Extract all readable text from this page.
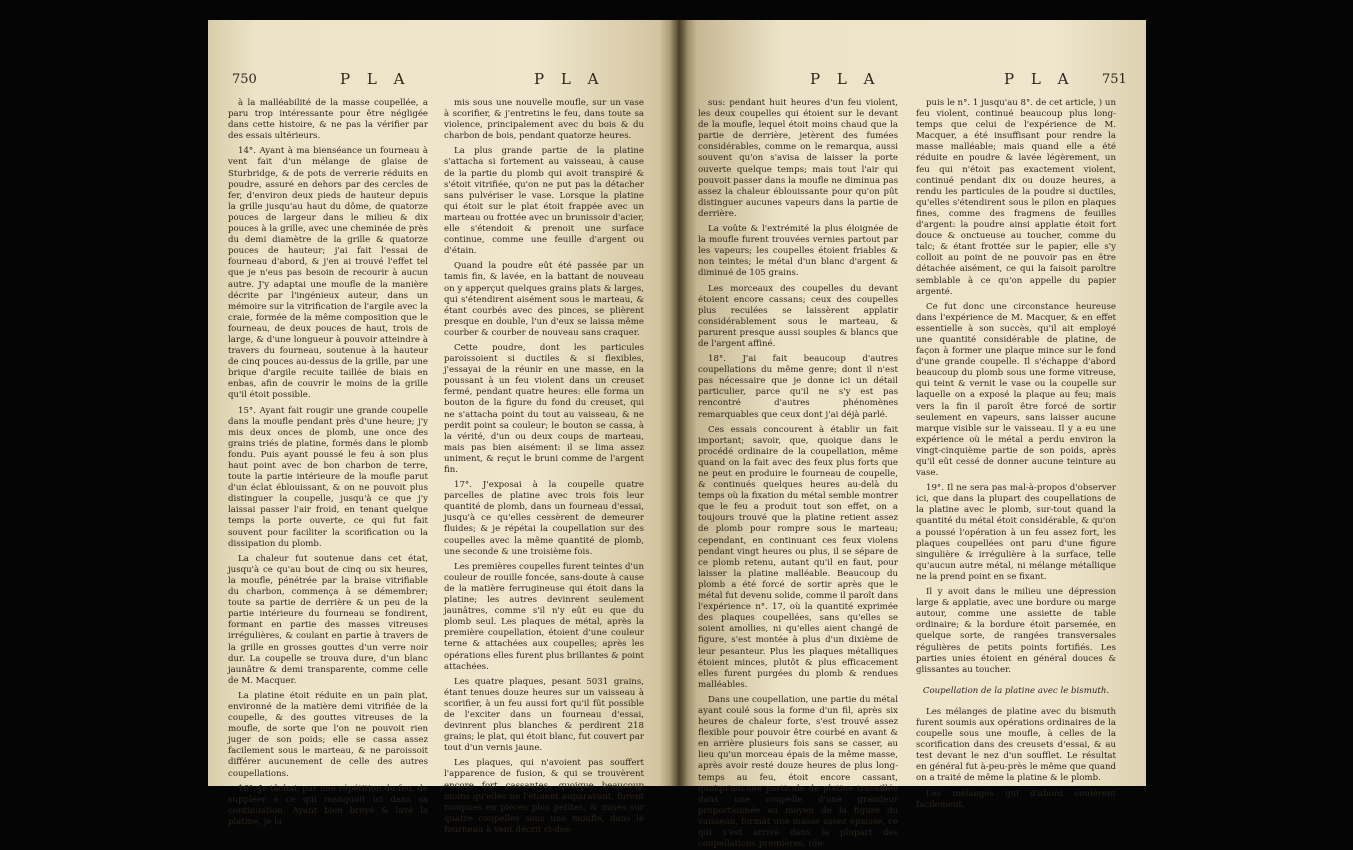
750	P L A	P L A

à la malléabilité de la masse coupellée, a paru trop intéressante pour être négligée dans cette histoire, & ne pas la vérifier par des essais ultérieurs.

14°. Ayant à ma bienséance un fourneau à vent fait d'un mélange de glaise de Sturbridge, & de pots de verrerie réduits en poudre, assuré en dehors par des cercles de fer, d'environ deux pieds de hauteur depuis la grille jusqu'au haut du dôme, de quatorze pouces de largeur dans le milieu & dix pouces à la grille, avec une cheminée de près du demi diamètre de la grille & quatorze pouces de hauteur; j'ai fait l'essai de fourneau d'abord, & j'en ai trouvé l'effet tel que je n'eus pas besoin de recourir à aucun autre. J'y adaptai une moufle de la manière décrite par l'ingénieux auteur, dans un mémoire sur la vitrification de l'argile avec la craie, formée de la même composition que le fourneau, de deux pouces de haut, trois de large, & d'une longueur à pouvoir atteindre à travers du fourneau, soutenue à la hauteur de cinq pouces au-dessus de la grille, par une brique d'argile recuite taillée de biais en enbas, afin de couvrir le moins de la grille qu'il étoit possible.

15°. Ayant fait rougir une grande coupelle dans la moufle pendant près d'une heure; j'y mis deux onces de plomb, une once des grains triés de platine, formés dans le plomb fondu. Puis ayant poussé le feu à son plus haut point avec de bon charbon de terre, toute la partie intérieure de la moufle parut d'un éclat éblouissant, & on ne pouvoit plus distinguer la coupelle, jusqu'à ce que j'y laissai passer l'air froid, en tenant quelque temps la porte ouverte, ce qui fut fait souvent pour faciliter la scorification ou la dissipation du plomb.

La chaleur fut soutenue dans cet état, jusqu'à ce qu'au bout de cinq ou six heures, la moufle, pénétrée par la braise vitrifiable du charbon, commença à se démembrer; toute sa partie de derrière & un peu de la partie intérieure du fourneau se fondirent, formant en partie des masses vitreuses irrégulières, & coulant en partie à travers de la grille en grosses gouttes d'un verre noir dur. La coupelle se trouva dure, d'un blanc jaunâtre & demi transparente, comme celle de M. Macquer.

La platine étoit réduite en un pain plat, environné de la matière demi vitrifiée de la coupelle, & des gouttes vitreuses de la moufle, de sorte que l'on ne pouvoit rien juger de son poids; elle se cassa assez facilement sous le marteau, & ne paroissoit différer aucunement de celle des autres coupellations.

16°. Je tâchai, par une répétition du feu, de suppléer à ce qui manquoit ici dans sa continuation. Ayant bien broyé & lavé la platine, je la

mis sous une nouvelle moufle, sur un vase à scorifier, & j'entretins le feu, dans toute sa violence, principalement avec du bois & du charbon de bois, pendant quatorze heures.

La plus grande partie de la platine s'attacha si fortement au vaisseau, à cause de la partie du plomb qui avoit transpiré & s'étoit vitrifiée, qu'on ne put pas la détacher sans pulvériser le vase. Lorsque la platine qui étoit sur le plat étoit frappée avec un marteau ou frottée avec un brunissoir d'acier, elle s'étendoit & prenoit une surface continue, comme une feuille d'argent ou d'étain.

Quand la poudre eût été passée par un tamis fin, & lavée, en la battant de nouveau on y apperçut quelques grains plats & larges, qui s'étendirent aisément sous le marteau, & étant courbés avec des pinces, se plièrent presque en double, l'un d'eux se laissa même courber & courber de nouveau sans craquer.

Cette poudre, dont les particules paroissoient si ductiles & si flexibles, j'essayai de la réunir en une masse, en la poussant à un feu violent dans un creuset fermé, pendant quatre heures: elle forma un bouton de la figure du fond du creuset, qui ne s'attacha point du tout au vaisseau, & ne perdit point sa couleur; le bouton se cassa, à la vérité, d'un ou deux coups de marteau, mais pas bien aisément: il se lima assez uniment, & reçut le bruni comme de l'argent fin.

17°. J'exposai à la coupelle quatre parcelles de platine avec trois fois leur quantité de plomb, dans un fourneau d'essai, jusqu'à ce qu'elles cessèrent de demeurer fluides; & je répétai la coupellation sur des coupelles avec la même quantité de plomb, une seconde & une troisième fois.

Les premières coupelles furent teintes d'un couleur de rouille foncée, sans-doute à cause de la matière ferrugineuse qui étoit dans la platine; les autres devinrent seulement jaunâtres, comme s'il n'y eût eu que du plomb seul. Les plaques de métal, après la première coupellation, étoient d'une couleur terne & attachées aux coupelles; après les opérations elles furent plus brillantes & point attachées.

Les quatre plaques, pesant 5031 grains, étant tenues douze heures sur un vaisseau à scorifier, à un feu aussi fort qu'il fût possible de l'exciter dans un fourneau d'essai, devinrent plus blanches & perdirent 218 grains; le plat, qui étoit blanc, fut couvert par tout d'un vernis jaune.

Les plaques, qui n'avoient pas souffert l'apparence de fusion, & qui se trouvèrent encore fort cassantes, quoique beaucoup moins qu'elles ne l'étoient auparavant, furent rompues en pièces plus petites, & mises sur quatre coupelles sous une moufle, dans le fourneau à vent décrit ci-des-

P L A	P L A 751

sus: pendant huit heures d'un feu violent, les deux coupelles qui étoient sur le devant de la moufle, lequel étoit moins chaud que la partie de derrière, jetèrent des fumées considérables, comme on le remarqua, aussi souvent qu'on s'avisa de laisser la porte ouverte quelque temps; mais tout l'air qui pouvoit passer dans la moufle ne diminua pas assez la chaleur éblouissante pour qu'on pût distinguer aucunes vapeurs dans la partie de derrière.

La voûte & l'extrémité la plus éloignée de la moufle furent trouvées vernies partout par les vapeurs; les coupelles étoient friables & non teintes; le métal d'un blanc d'argent & diminué de 105 grains.

Les morceaux des coupelles du devant étoient encore cassans; ceux des coupelles plus reculées se laissèrent applatir considérablement sous le marteau, & parurent presque aussi souples & blancs que de l'argent affiné.

18°. J'ai fait beaucoup d'autres coupellations du même genre; dont il n'est pas nécessaire que je donne ici un détail particulier, parce qu'il ne s'y est pas rencontré d'autres phénomènes remarquables que ceux dont j'ai déjà parlé.

Ces essais concourent à établir un fait important; savoir, que, quoique dans le procédé ordinaire de la coupellation, même quand on la fait avec des feux plus forts que ne peut en produire le fourneau de coupelle, & continués quelques heures au-delà du temps où la fixation du métal semble montrer que le feu a produit tout son effet, on a toujours trouvé que la platine retient assez de plomb pour rompre sous le marteau; cependant, en continuant ces feux violens pendant vingt heures ou plus, il se sépare de ce plomb retenu, autant qu'il en faut, pour laisser la platine malléable. Beaucoup du plomb a été forcé de sortir après que le métal fut devenu solide, comme il paroît dans l'expérience n°. 17, où la quantité exprimée des plaques coupellées, sans qu'elles se soient amollies, ni qu'elles aient changé de figure, s'est montée à plus d'un dixième de leur pesanteur. Plus les plaques métalliques étoient minces, plutôt & plus efficacement elles furent purgées du plomb & rendues malléables.

Dans une coupellation, une partie du métal ayant coulé sous la forme d'un fil, après six heures de chaleur forte, s'est trouvé assez flexible pour pouvoir être courbé en avant & en arrière plusieurs fois sans se casser, au lieu qu'un morceau épais de la même masse, après avoir resté douze heures de plus long-temps au feu, étoit encore cassant, quoiqu'aucune particule de platine travaillée dans une coupelle d'une grandeur proportionnée au moyen de la figure du vaisseau, formât une masse assez épaisse, ce qui s'est arrivé dans la plupart des coupellations premières, (de-

puis le n°. 1 jusqu'au 8°. de cet article, ) un feu violent, continué beaucoup plus long-temps que celui de l'expérience de M. Macquer, a été insuffisant pour rendre la masse malléable; mais quand elle a été réduite en poudre & lavée légèrement, un feu qui n'étoit pas exactement violent, continué pendant dix ou douze heures, a rendu les particules de la poudre si ductiles, qu'elles s'étendirent sous le pilon en plaques fines, comme des fragmens de feuilles d'argent: la poudre ainsi applatie étoit fort douce & onctueuse au toucher, comme du talc; & étant frottée sur le papier, elle s'y colloit au point de ne pouvoir pas en être détachée aisément, ce qui la faisoit paroître semblable à ce qu'on appelle du papier argenté.

Ce fut donc une circonstance heureuse dans l'expérience de M. Macquer, & en effet essentielle à son succès, qu'il ait employé une quantité considérable de platine, de façon à former une plaque mince sur le fond d'une grande coupelle. Il s'échappe d'abord beaucoup du plomb sous une forme vitreuse, qui teint & vernit le vase ou la coupelle sur laquelle on a exposé la plaque au feu; mais vers la fin il paroît être forcé de sortir seulement en vapeurs, sans laisser aucune marque visible sur le vaisseau. Il y a eu une expérience où le métal a perdu environ la vingt-cinquième partie de son poids, après qu'il eût cessé de donner aucune teinture au vase.

19°. Il ne sera pas mal-à-propos d'observer ici, que dans la plupart des coupellations de la platine avec le plomb, sur-tout quand la quantité du métal étoit considérable, & qu'on a poussé l'opération à un feu assez fort, les plaques coupellées ont paru d'une figure singulière & irrégulière à la surface, telle qu'aucun autre métal, ni mélange métallique ne la prend point en se fixant.

Il y avoit dans le milieu une dépression large & applatie, avec une bordure ou marge autour, comme une assiette de table ordinaire; & la bordure étoit parsemée, en quelque sorte, de rangées transversales régulières de petits points fortifiés. Les parties unies étoient en général douces & glissantes au toucher.

Coupellation de la platine avec le bismuth.

Les mélanges de platine avec du bismuth furent soumis aux opérations ordinaires de la coupelle sous une moufle, à celles de la scorification dans des creusets d'essai, & au test devant le nez d'un soufflet. Le résultat en général fut à-peu-près le même que quand on a traité de même la platine & le plomb.

Les mélanges qui d'abord coulèrent facilement,
